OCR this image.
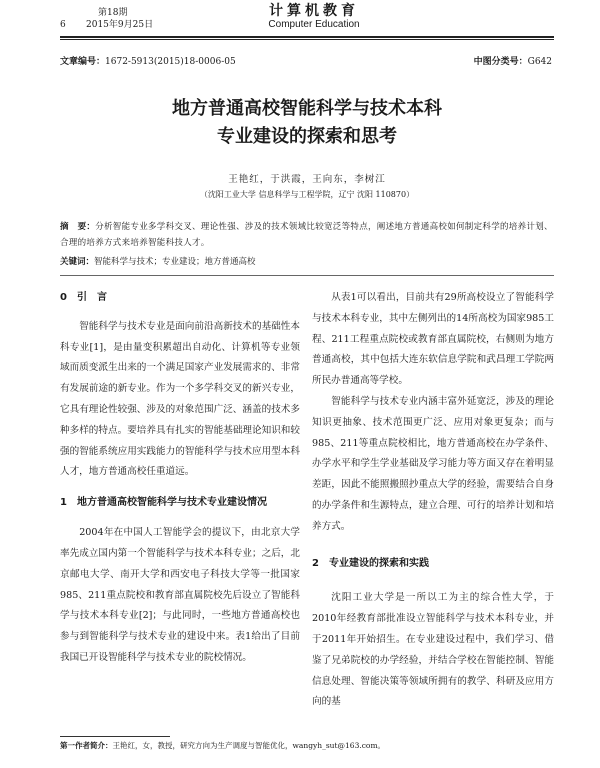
第18期
6 2015年9月25日
计算机教育
Computer Education
文章编号：1672-5913(2015)18-0006-05	中图分类号：G642
地方普通高校智能科学与技术本科
专业建设的探索和思考
王艳红，于洪霞，王向东，李树江
（沈阳工业大学 信息科学与工程学院，辽宁 沈阳 110870）
摘　要：分析智能专业多学科交叉、理论性强、涉及的技术领域比较宽泛等特点，阐述地方普通高校如何制定科学的培养计划、合理的培养方式来培养智能科技人才。
关键词：智能科学与技术；专业建设；地方普通高校
0　引　言

智能科学与技术专业是面向前沿高新技术的基础性本科专业[1]，是由量变积累超出自动化、计算机等专业领域而质变派生出来的一个满足国家产业发展需求的、非常有发展前途的新专业。作为一个多学科交叉的新兴专业，它具有理论性较强、涉及的对象范围广泛、涵盖的技术多种多样的特点。要培养具有扎实的智能基础理论知识和较强的智能系统应用实践能力的智能科学与技术应用型本科人才，地方普通高校任重道远。

1　地方普通高校智能科学与技术专业建设情况

2004年在中国人工智能学会的提议下，由北京大学率先成立国内第一个智能科学与技术本科专业；之后，北京邮电大学、南开大学和西安电子科技大学等一批国家985、211重点院校和教育部直属院校先后设立了智能科学与技术本科专业[2]；与此同时，一些地方普通高校也参与到智能科学与技术专业的建设中来。表1给出了目前我国已开设智能科学与技术专业的院校情况。

从表1可以看出，目前共有29所高校设立了智能科学与技术本科专业，其中左侧列出的14所高校为国家985工程、211工程重点院校或教育部直属院校，右侧则为地方普通高校，其中包括大连东软信息学院和武昌理工学院两所民办普通高等学校。

智能科学与技术专业内涵丰富外延宽泛，涉及的理论知识更抽象、技术范围更广泛、应用对象更复杂；而与985、211等重点院校相比，地方普通高校在办学条件、办学水平和学生学业基础及学习能力等方面又存在着明显差距，因此不能照搬照抄重点大学的经验，需要结合自身的办学条件和生源特点，建立合理、可行的培养计划和培养方式。

2　专业建设的探索和实践

沈阳工业大学是一所以工为主的综合性大学，于2010年经教育部批准设立智能科学与技术本科专业，并于2011年开始招生。在专业建设过程中，我们学习、借鉴了兄弟院校的办学经验，并结合学校在智能控制、智能信息处理、智能决策等领域所拥有的教学、科研及应用方向的基

第一作者简介：王艳红，女，教授，研究方向为生产调度与智能优化，wangyh_sut@163.com。
